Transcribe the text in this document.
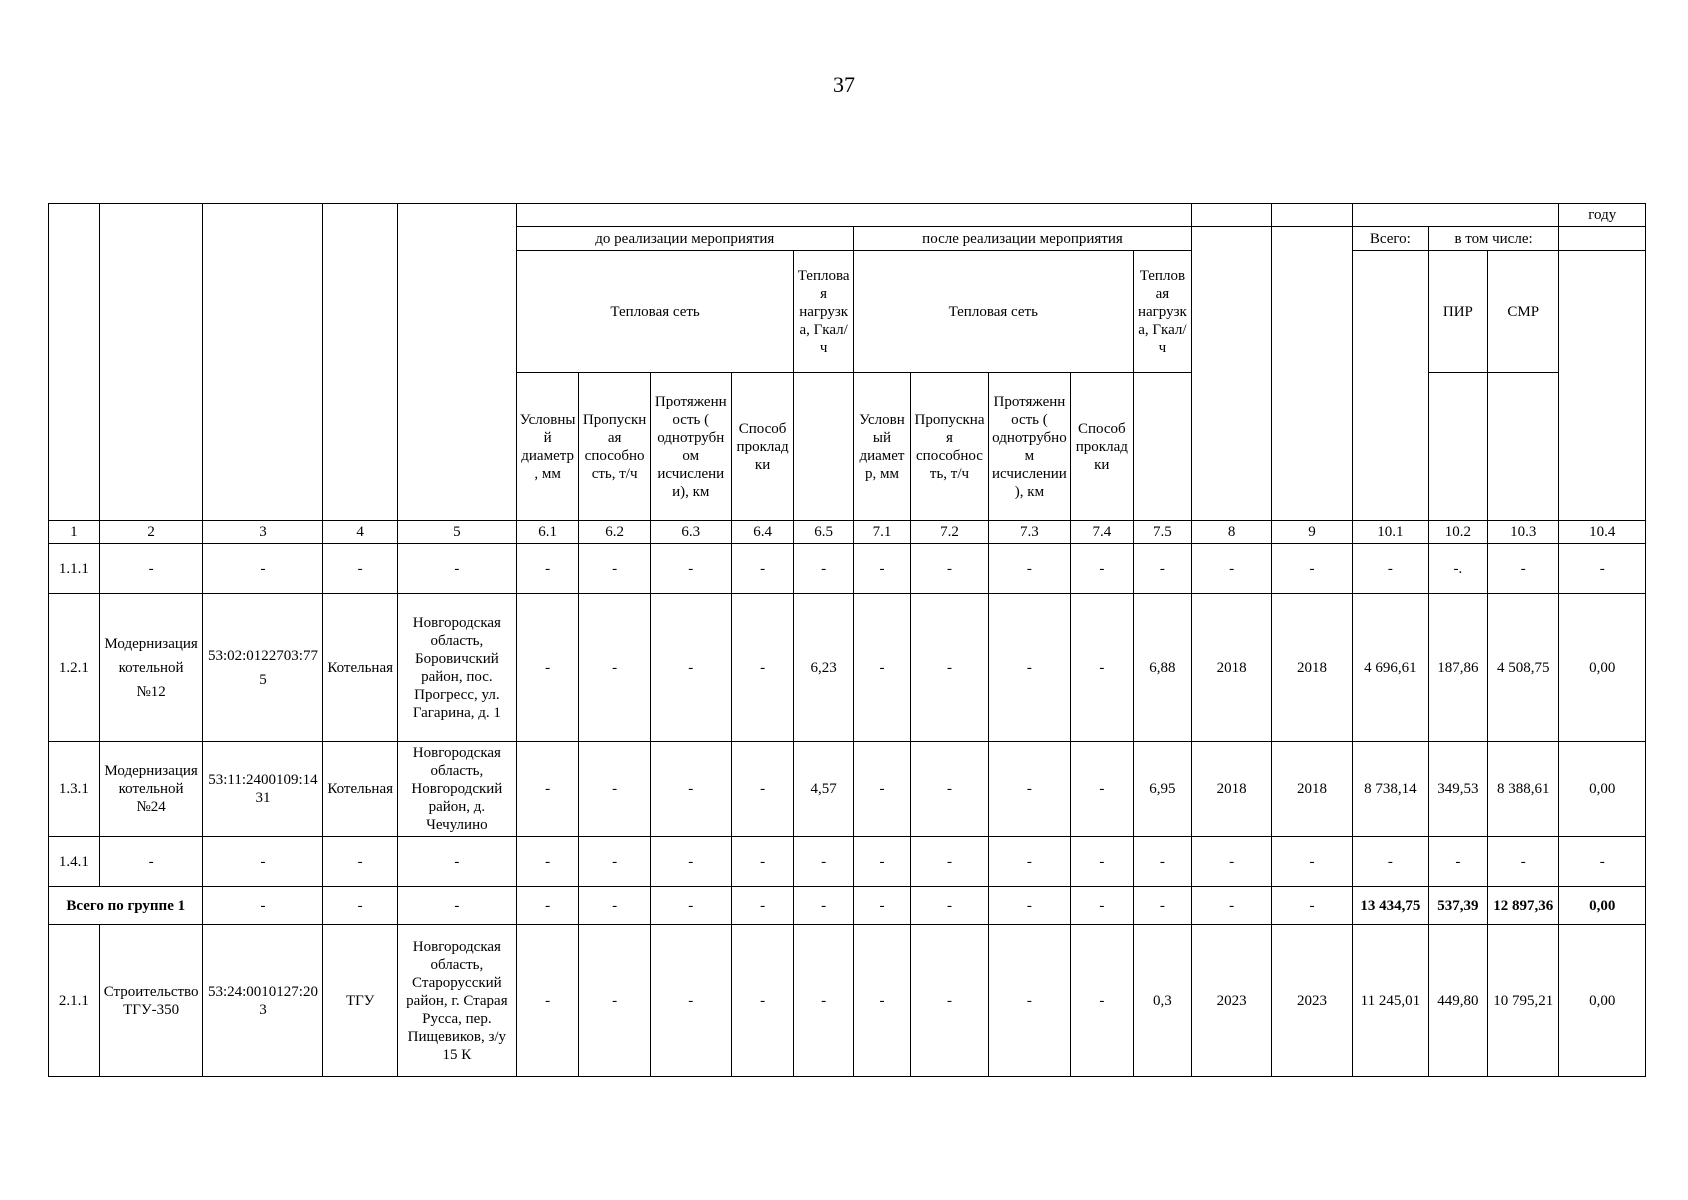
37
																				году
					до реализации мероприятия					после реализации мероприятия							Всего:	в том числе:		
					Тепловая сеть				Тепловая нагрузка, Гкал/ч	Тепловая сеть				Тепловая нагрузка, Гкал/ч				ПИР	СМР	
					Условный диаметр, мм	Пропускная способность, т/ч	Протяженность ( однотрубном исчислении), км	Способ прокладки		Условный диаметр, мм	Пропускная способность, т/ч	Протяженность ( однотрубном исчислении), км	Способ прокладки							
1	2	3	4	5	6.1	6.2	6.3	6.4	6.5	7.1	7.2	7.3	7.4	7.5	8	9	10.1	10.2	10.3	10.4
1.1.1	-	-	-	-	-	-	-	-	-	-	-	-	-	-	-	-	-	-.	-	-
1.2.1	Модернизация котельной №12	53:02:0122703:775	Котельная	Новгородская область, Боровичский район, пос. Прогресс, ул. Гагарина, д. 1	-	-	-	-	6,23	-	-	-	-	6,88	2018	2018	4 696,61	187,86	4 508,75	0,00
1.3.1	Модернизация котельной №24	53:11:2400109:1431	Котельная	Новгородская область, Новгородский район, д. Чечулино	-	-	-	-	4,57	-	-	-	-	6,95	2018	2018	8 738,14	349,53	8 388,61	0,00
1.4.1	-	-	-	-	-	-	-	-	-	-	-	-	-	-	-	-	-	-	-	-
Всего по группе 1		-	-	-	-	-	-	-	-	-	-	-	-	-	-	-	13 434,75	537,39	12 897,36	0,00
2.1.1	Строительство ТГУ-350	53:24:0010127:203	ТГУ	Новгородская область, Старорусский район, г. Старая Русса, пер. Пищевиков, з/у 15 К	-	-	-	-	-	-	-	-	-	0,3	2023	2023	11 245,01	449,80	10 795,21	0,00
